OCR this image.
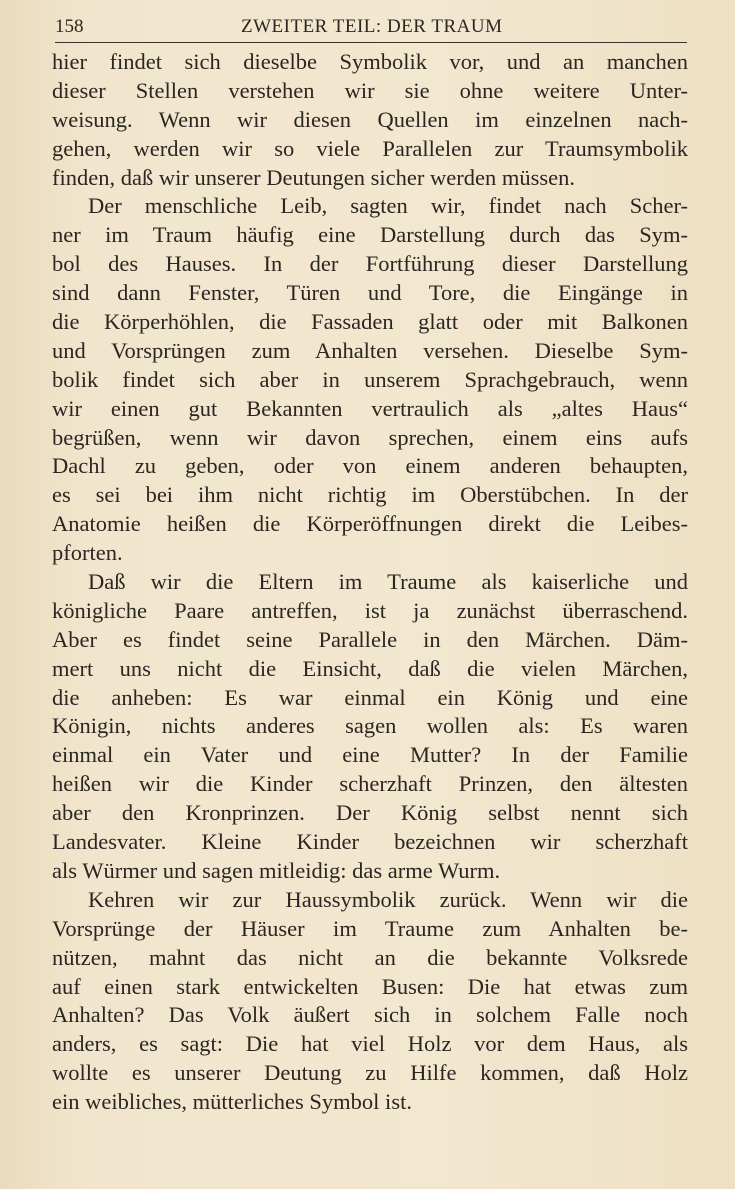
158	ZWEITER TEIL: DER TRAUM
hier findet sich dieselbe Symbolik vor, und an manchen
dieser Stellen verstehen wir sie ohne weitere Unter-
weisung. Wenn wir diesen Quellen im einzelnen nach-
gehen, werden wir so viele Parallelen zur Traumsymbolik
finden, daß wir unserer Deutungen sicher werden müssen.
Der menschliche Leib, sagten wir, findet nach Scher-
ner im Traum häufig eine Darstellung durch das Sym-
bol des Hauses. In der Fortführung dieser Darstellung
sind dann Fenster, Türen und Tore, die Eingänge in
die Körperhöhlen, die Fassaden glatt oder mit Balkonen
und Vorsprüngen zum Anhalten versehen. Dieselbe Sym-
bolik findet sich aber in unserem Sprachgebrauch, wenn
wir einen gut Bekannten vertraulich als „altes Haus“
begrüßen, wenn wir davon sprechen, einem eins aufs
Dachl zu geben, oder von einem anderen behaupten,
es sei bei ihm nicht richtig im Oberstübchen. In der
Anatomie heißen die Körperöffnungen direkt die Leibes-
pforten.
Daß wir die Eltern im Traume als kaiserliche und
königliche Paare antreffen, ist ja zunächst überraschend.
Aber es findet seine Parallele in den Märchen. Däm-
mert uns nicht die Einsicht, daß die vielen Märchen,
die anheben: Es war einmal ein König und eine
Königin, nichts anderes sagen wollen als: Es waren
einmal ein Vater und eine Mutter? In der Familie
heißen wir die Kinder scherzhaft Prinzen, den ältesten
aber den Kronprinzen. Der König selbst nennt sich
Landesvater. Kleine Kinder bezeichnen wir scherzhaft
als Würmer und sagen mitleidig: das arme Wurm.
Kehren wir zur Haussymbolik zurück. Wenn wir die
Vorsprünge der Häuser im Traume zum Anhalten be-
nützen, mahnt das nicht an die bekannte Volksrede
auf einen stark entwickelten Busen: Die hat etwas zum
Anhalten? Das Volk äußert sich in solchem Falle noch
anders, es sagt: Die hat viel Holz vor dem Haus, als
wollte es unserer Deutung zu Hilfe kommen, daß Holz
ein weibliches, mütterliches Symbol ist.
